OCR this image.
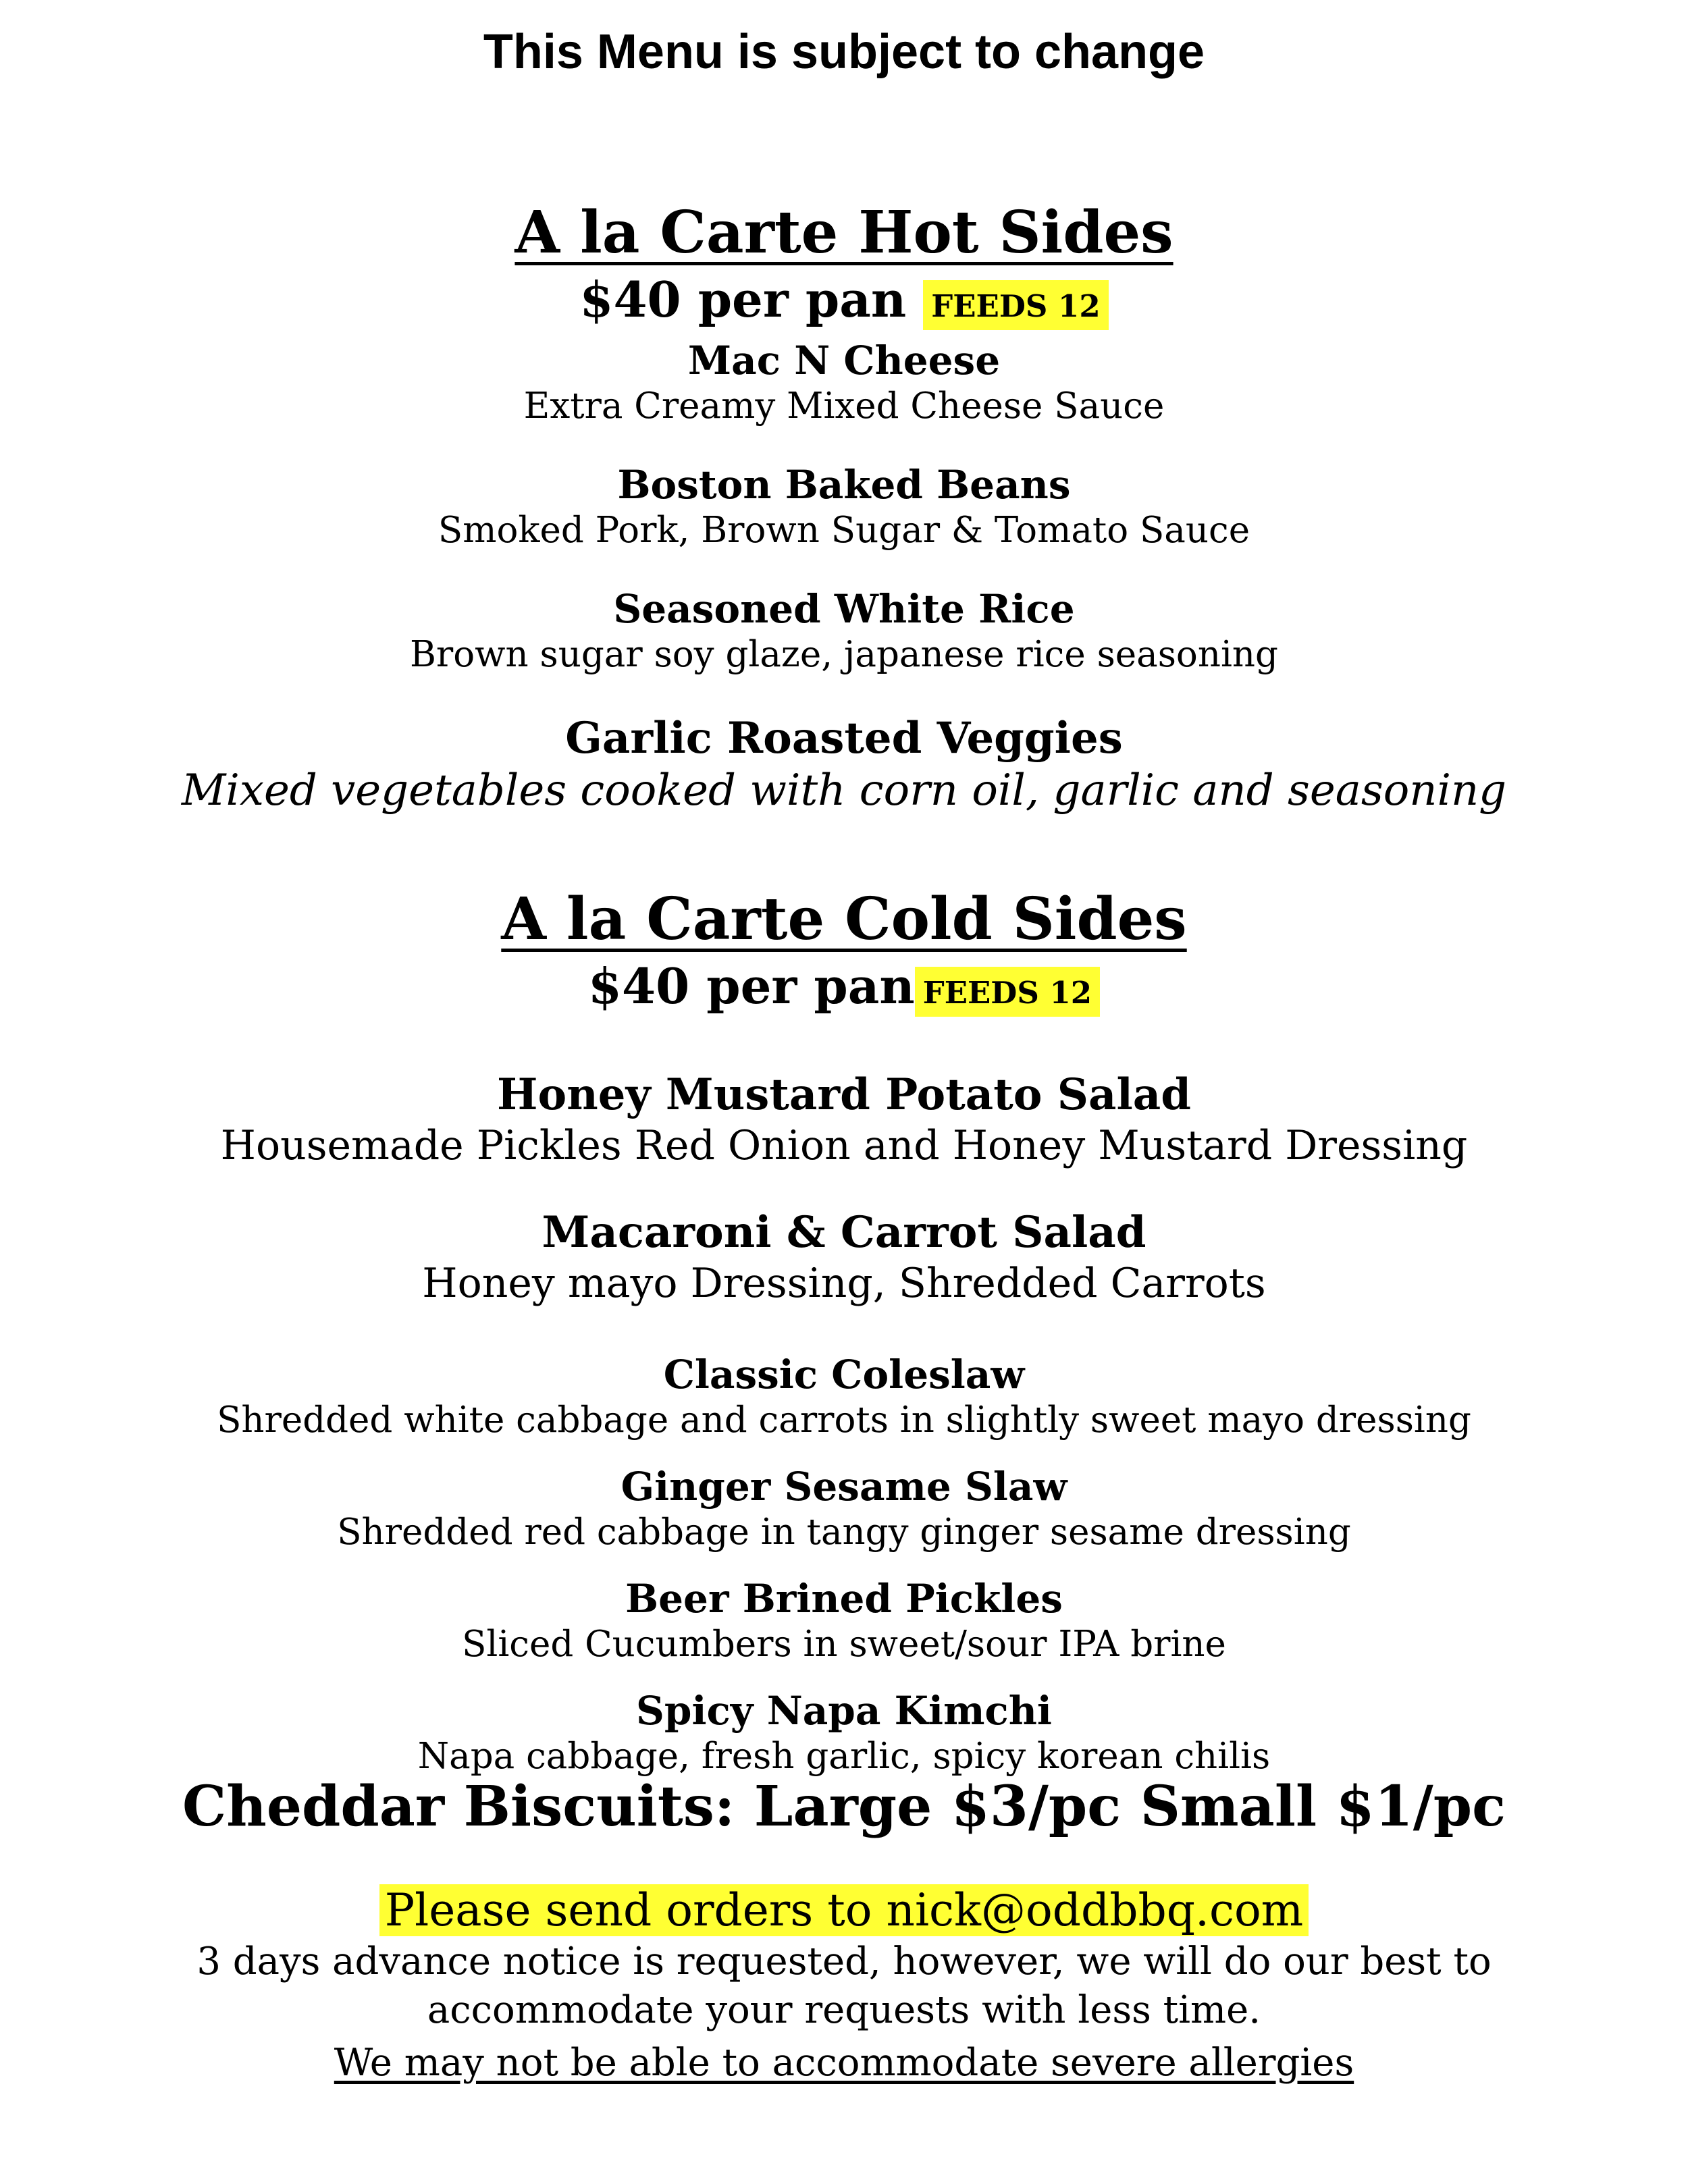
This Menu is subject to change
A la Carte Hot Sides
$40 per pan FEEDS 12
Mac N Cheese
Extra Creamy Mixed Cheese Sauce
Boston Baked Beans
Smoked Pork, Brown Sugar & Tomato Sauce
Seasoned White Rice
Brown sugar soy glaze, japanese rice seasoning
Garlic Roasted Veggies
Mixed vegetables cooked with corn oil, garlic and seasoning
A la Carte Cold Sides
$40 per pan FEEDS 12
Honey Mustard Potato Salad
Housemade Pickles Red Onion and Honey Mustard Dressing
Macaroni & Carrot Salad
Honey mayo Dressing, Shredded Carrots
Classic Coleslaw
Shredded white cabbage and carrots in slightly sweet mayo dressing
Ginger Sesame Slaw
Shredded red cabbage in tangy ginger sesame dressing
Beer Brined Pickles
Sliced Cucumbers in sweet/sour IPA brine
Spicy Napa Kimchi
Napa cabbage, fresh garlic, spicy korean chilis
Cheddar Biscuits: Large $3/pc Small $1/pc
Please send orders to nick@oddbbq.com
3 days advance notice is requested, however, we will do our best to accommodate your requests with less time.
We may not be able to accommodate severe allergies
